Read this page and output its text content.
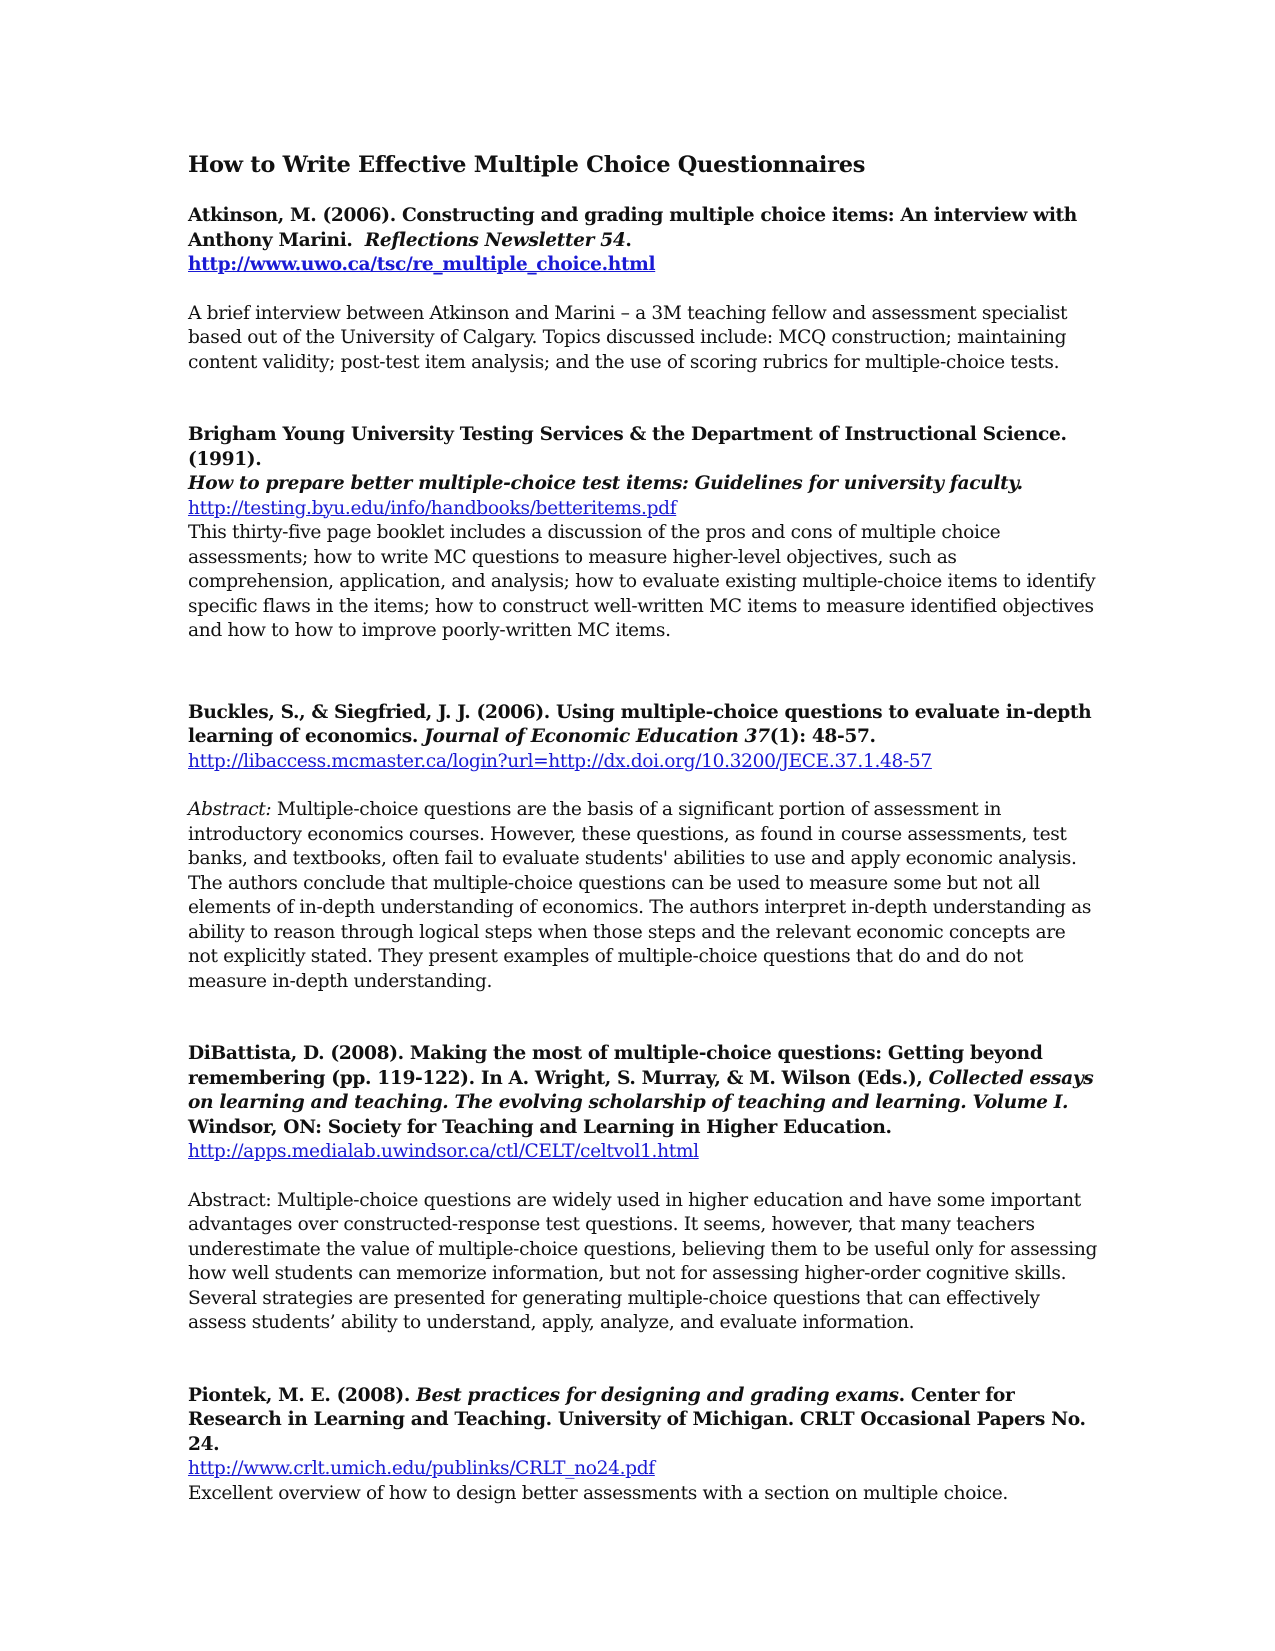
How to Write Effective Multiple Choice Questionnaires

Atkinson, M. (2006). Constructing and grading multiple choice items: An interview with Anthony Marini. Reflections Newsletter 54.

http://www.uwo.ca/tsc/re_multiple_choice.html

A brief interview between Atkinson and Marini – a 3M teaching fellow and assessment specialist based out of the University of Calgary. Topics discussed include: MCQ construction; maintaining content validity; post-test item analysis; and the use of scoring rubrics for multiple-choice tests.

Brigham Young University Testing Services & the Department of Instructional Science. (1991).
How to prepare better multiple-choice test items: Guidelines for university faculty.

http://testing.byu.edu/info/handbooks/betteritems.pdf

This thirty-five page booklet includes a discussion of the pros and cons of multiple choice assessments; how to write MC questions to measure higher-level objectives, such as comprehension, application, and analysis; how to evaluate existing multiple-choice items to identify specific flaws in the items; how to construct well-written MC items to measure identified objectives and how to how to improve poorly-written MC items.

Buckles, S., & Siegfried, J. J. (2006). Using multiple-choice questions to evaluate in-depth learning of economics. Journal of Economic Education 37(1): 48-57.

http://libaccess.mcmaster.ca/login?url=http://dx.doi.org/10.3200/JECE.37.1.48-57

Abstract: Multiple-choice questions are the basis of a significant portion of assessment in introductory economics courses. However, these questions, as found in course assessments, test banks, and textbooks, often fail to evaluate students' abilities to use and apply economic analysis. The authors conclude that multiple-choice questions can be used to measure some but not all elements of in-depth understanding of economics. The authors interpret in-depth understanding as ability to reason through logical steps when those steps and the relevant economic concepts are not explicitly stated. They present examples of multiple-choice questions that do and do not measure in-depth understanding.

DiBattista, D. (2008). Making the most of multiple-choice questions: Getting beyond remembering (pp. 119-122). In A. Wright, S. Murray, & M. Wilson (Eds.), Collected essays on learning and teaching. The evolving scholarship of teaching and learning. Volume I. Windsor, ON: Society for Teaching and Learning in Higher Education.

http://apps.medialab.uwindsor.ca/ctl/CELT/celtvol1.html

Abstract: Multiple-choice questions are widely used in higher education and have some important advantages over constructed-response test questions. It seems, however, that many teachers underestimate the value of multiple-choice questions, believing them to be useful only for assessing how well students can memorize information, but not for assessing higher-order cognitive skills. Several strategies are presented for generating multiple-choice questions that can effectively assess students’ ability to understand, apply, analyze, and evaluate information.

Piontek, M. E. (2008). Best practices for designing and grading exams. Center for Research in Learning and Teaching. University of Michigan. CRLT Occasional Papers No. 24.

http://www.crlt.umich.edu/publinks/CRLT_no24.pdf

Excellent overview of how to design better assessments with a section on multiple choice.
